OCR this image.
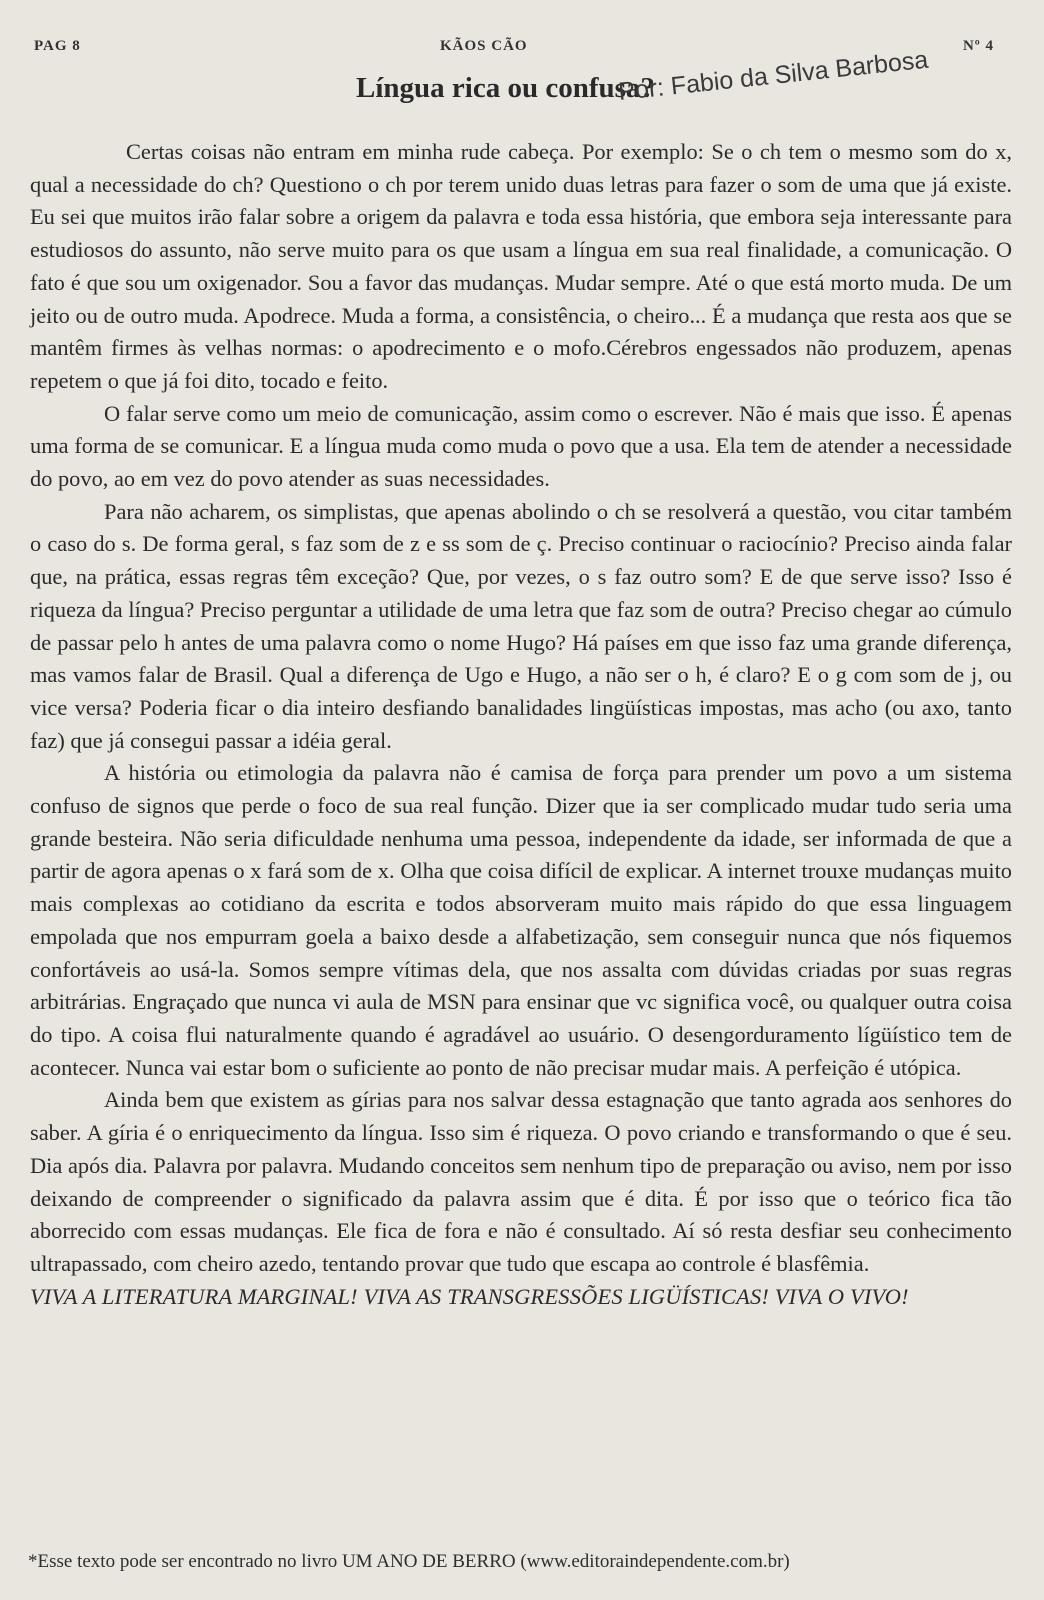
PAG 8	KÃOS CÃO	Nº 4
Língua rica ou confusa?
Por: Fabio da Silva Barbosa

Certas coisas não entram em minha rude cabeça. Por exemplo: Se o ch tem o mesmo som do x, qual a necessidade do ch? Questiono o ch por terem unido duas letras para fazer o som de uma que já existe. Eu sei que muitos irão falar sobre a origem da palavra e toda essa história, que embora seja interessante para estudiosos do assunto, não serve muito para os que usam a língua em sua real finalidade, a comunicação. O fato é que sou um oxigenador. Sou a favor das mudanças. Mudar sempre. Até o que está morto muda. De um jeito ou de outro muda. Apodrece. Muda a forma, a consistência, o cheiro... É a mudança que resta aos que se mantêm firmes às velhas normas: o apodrecimento e o mofo.Cérebros engessados não produzem, apenas repetem o que já foi dito, tocado e feito.

O falar serve como um meio de comunicação, assim como o escrever. Não é mais que isso. É apenas uma forma de se comunicar. E a língua muda como muda o povo que a usa. Ela tem de atender a necessidade do povo, ao em vez do povo atender as suas necessidades.

Para não acharem, os simplistas, que apenas abolindo o ch se resolverá a questão, vou citar também o caso do s. De forma geral, s faz som de z e ss som de ç. Preciso continuar o raciocínio? Preciso ainda falar que, na prática, essas regras têm exceção? Que, por vezes, o s faz outro som? E de que serve isso? Isso é riqueza da língua? Preciso perguntar a utilidade de uma letra que faz som de outra? Preciso chegar ao cúmulo de passar pelo h antes de uma palavra como o nome Hugo? Há países em que isso faz uma grande diferença, mas vamos falar de Brasil. Qual a diferença de Ugo e Hugo, a não ser o h, é claro? E o g com som de j, ou vice versa? Poderia ficar o dia inteiro desfiando banalidades lingüísticas impostas, mas acho (ou axo, tanto faz) que já consegui passar a idéia geral.

A história ou etimologia da palavra não é camisa de força para prender um povo a um sistema confuso de signos que perde o foco de sua real função. Dizer que ia ser complicado mudar tudo seria uma grande besteira. Não seria dificuldade nenhuma uma pessoa, independente da idade, ser informada de que a partir de agora apenas o x fará som de x. Olha que coisa difícil de explicar. A internet trouxe mudanças muito mais complexas ao cotidiano da escrita e todos absorveram muito mais rápido do que essa linguagem empolada que nos empurram goela a baixo desde a alfabetização, sem conseguir nunca que nós fiquemos confortáveis ao usá-la. Somos sempre vítimas dela, que nos assalta com dúvidas criadas por suas regras arbitrárias. Engraçado que nunca vi aula de MSN para ensinar que vc significa você, ou qualquer outra coisa do tipo. A coisa flui naturalmente quando é agradável ao usuário. O desengorduramento lígüístico tem de acontecer. Nunca vai estar bom o suficiente ao ponto de não precisar mudar mais. A perfeição é utópica.

Ainda bem que existem as gírias para nos salvar dessa estagnação que tanto agrada aos senhores do saber. A gíria é o enriquecimento da língua. Isso sim é riqueza. O povo criando e transformando o que é seu. Dia após dia. Palavra por palavra. Mudando conceitos sem nenhum tipo de preparação ou aviso, nem por isso deixando de compreender o significado da palavra assim que é dita. É por isso que o teórico fica tão aborrecido com essas mudanças. Ele fica de fora e não é consultado. Aí só resta desfiar seu conhecimento ultrapassado, com cheiro azedo, tentando provar que tudo que escapa ao controle é blasfêmia.

VIVA A LITERATURA MARGINAL! VIVA AS TRANSGRESSÕES LIGÜÍSTICAS! VIVA O VIVO!

*Esse texto pode ser encontrado no livro UM ANO DE BERRO (www.editoraindependente.com.br)
